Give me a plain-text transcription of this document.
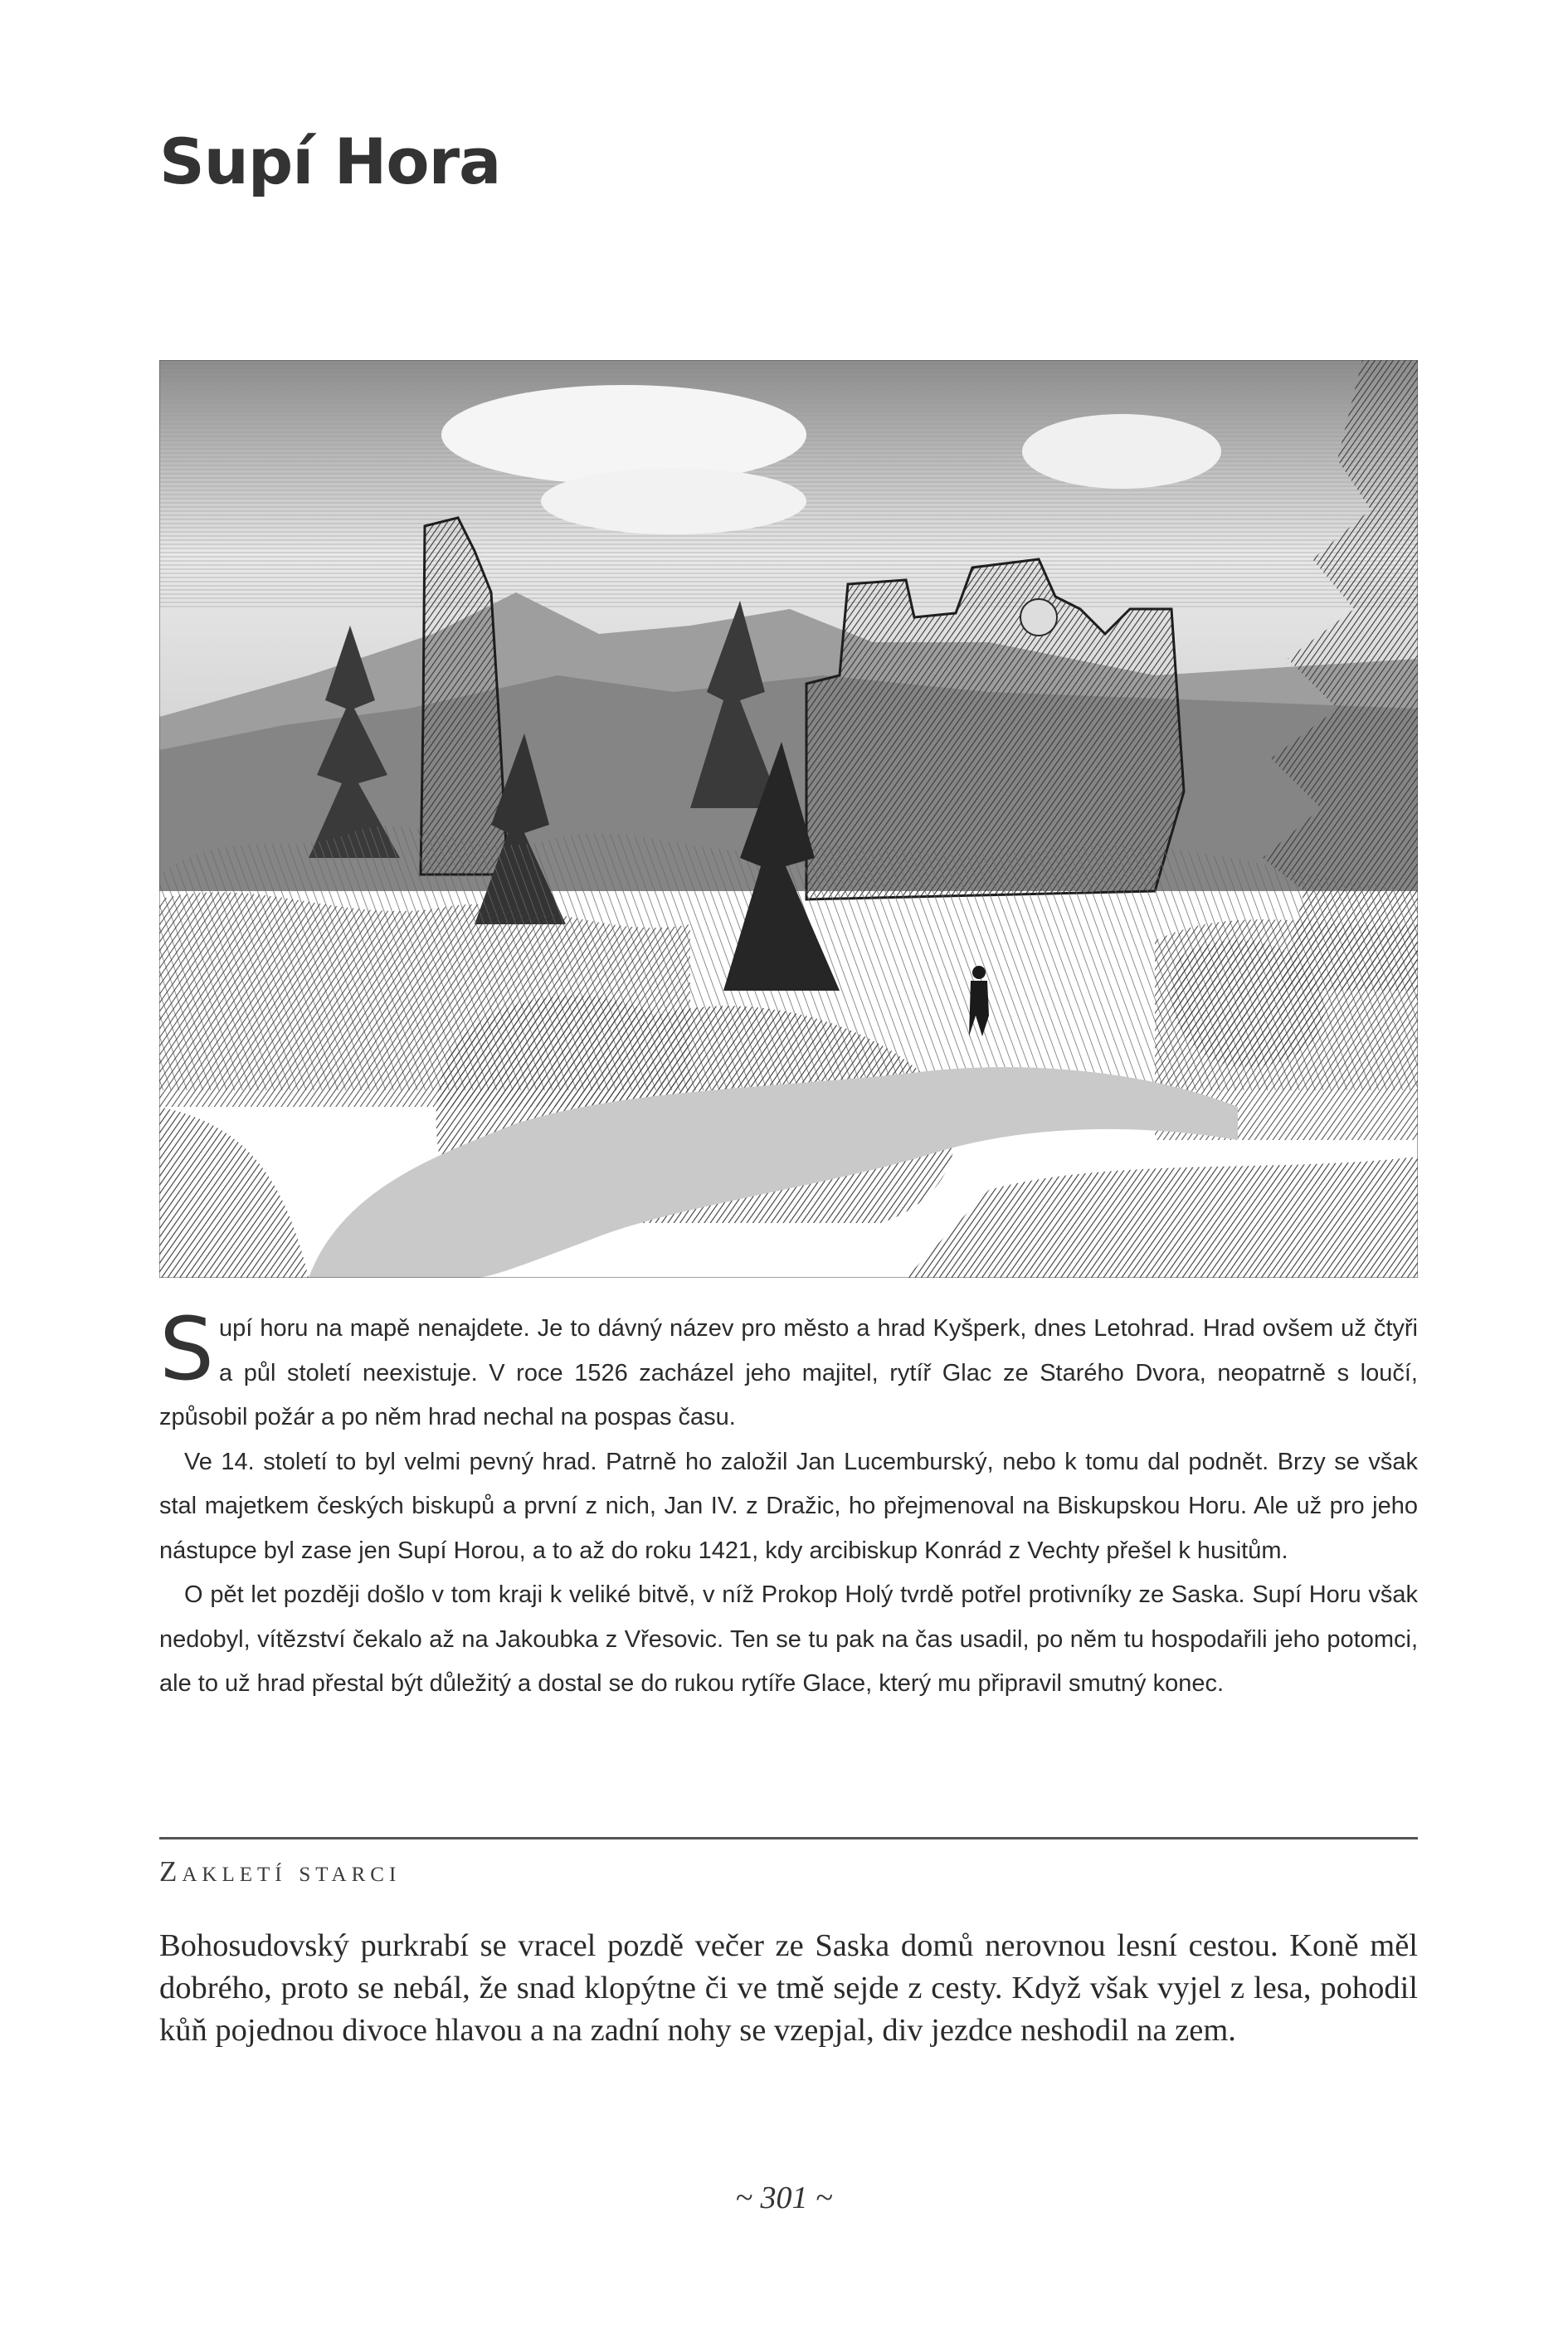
Supí Hora

Supí horu na mapě nenajdete. Je to dávný název pro město a hrad Kyšperk, dnes Letohrad. Hrad ovšem už čtyři a půl století neexistuje. V roce 1526 zacházel jeho majitel, rytíř Glac ze Starého Dvora, neopatrně s loučí, způsobil požár a po něm hrad nechal na pospas času.

Ve 14. století to byl velmi pevný hrad. Patrně ho založil Jan Lucemburský, nebo k tomu dal podnět. Brzy se však stal majetkem českých biskupů a první z nich, Jan IV. z Dražic, ho přejmenoval na Biskupskou Horu. Ale už pro jeho nástupce byl zase jen Supí Horou, a to až do roku 1421, kdy arcibiskup Konrád z Vechty přešel k husitům.

O pět let později došlo v tom kraji k veliké bitvě, v níž Prokop Holý tvrdě potřel protivníky ze Saska. Supí Horu však nedobyl, vítězství čekalo až na Jakoubka z Vřesovic. Ten se tu pak na čas usadil, po něm tu hospodařili jeho potomci, ale to už hrad přestal být důležitý a dostal se do rukou rytíře Glace, který mu připravil smutný konec.

Zakletí starci

Bohosudovský purkrabí se vracel pozdě večer ze Saska domů nerovnou lesní cestou. Koně měl dobrého, proto se nebál, že snad klopýtne či ve tmě sejde z cesty. Když však vyjel z lesa, pohodil kůň pojednou divoce hlavou a na zadní nohy se vzepjal, div jezdce neshodil na zem.

~ 301 ~
